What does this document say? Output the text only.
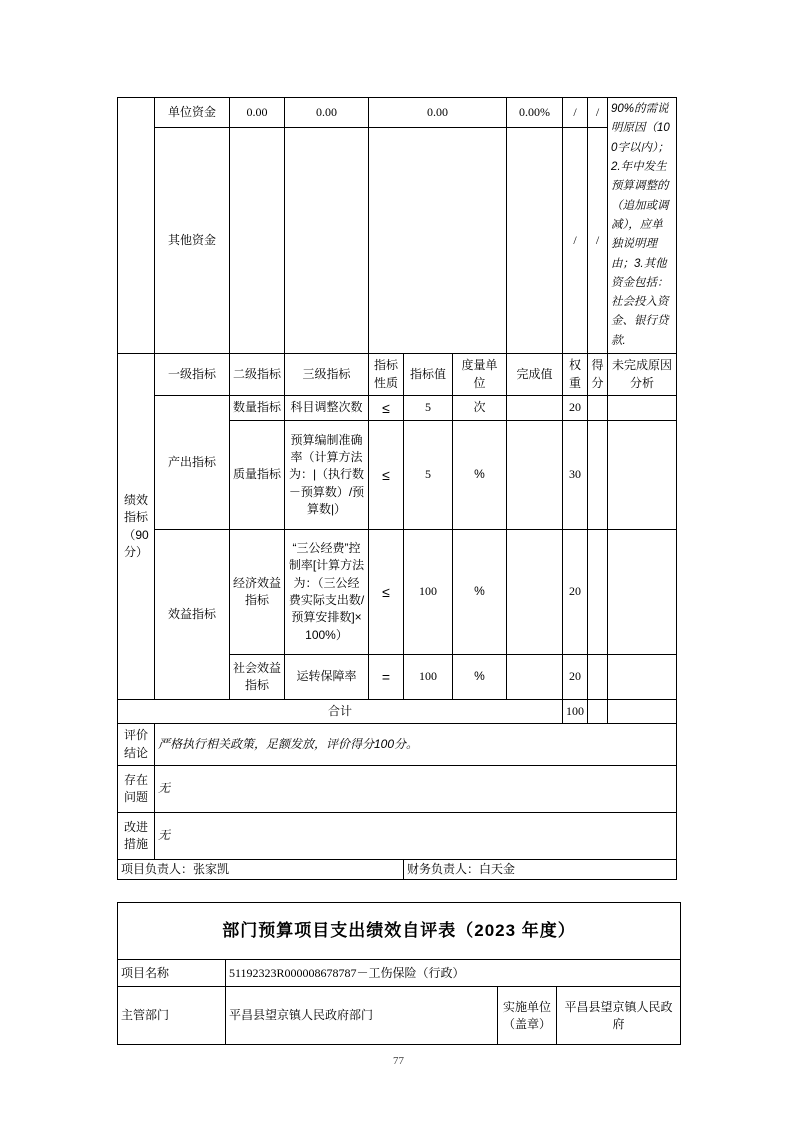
	单位资金	0.00	0.00	0.00			0.00%	/	/	90%的需说明原因（100字以内）；2.年中发生预算调整的（追加或调减），应单独说明理由；3.其他资金包括：社会投入资金、银行贷款.
	其他资金							/	/	
绩效指标（90分）	一级指标	二级指标	三级指标	指标性质	指标值	度量单位	完成值	权重	得分	未完成原因分析
	产出指标	数量指标	科目调整次数	≤	5	次		20		
		质量指标	预算编制准确率（计算方法为：|（执行数－预算数）/预算数|）	≤	5	%		30		
	效益指标	经济效益指标	“三公经费”控制率[计算方法为：（三公经费实际支出数/预算安排数]×100%）	≤	100	%		20		
		社会效益指标	运转保障率	=	100	%		20		
合计								100		
评价结论	严格执行相关政策，足额发放，评价得分100分。									
存在问题	无									
改进措施	无									
项目负责人：张家凯					财务负责人：白天金					
部门预算项目支出绩效自评表（2023 年度）			
项目名称	51192323R000008678787－工伤保险（行政）		
主管部门	平昌县望京镇人民政府部门	实施单位（盖章）	平昌县望京镇人民政府
77
